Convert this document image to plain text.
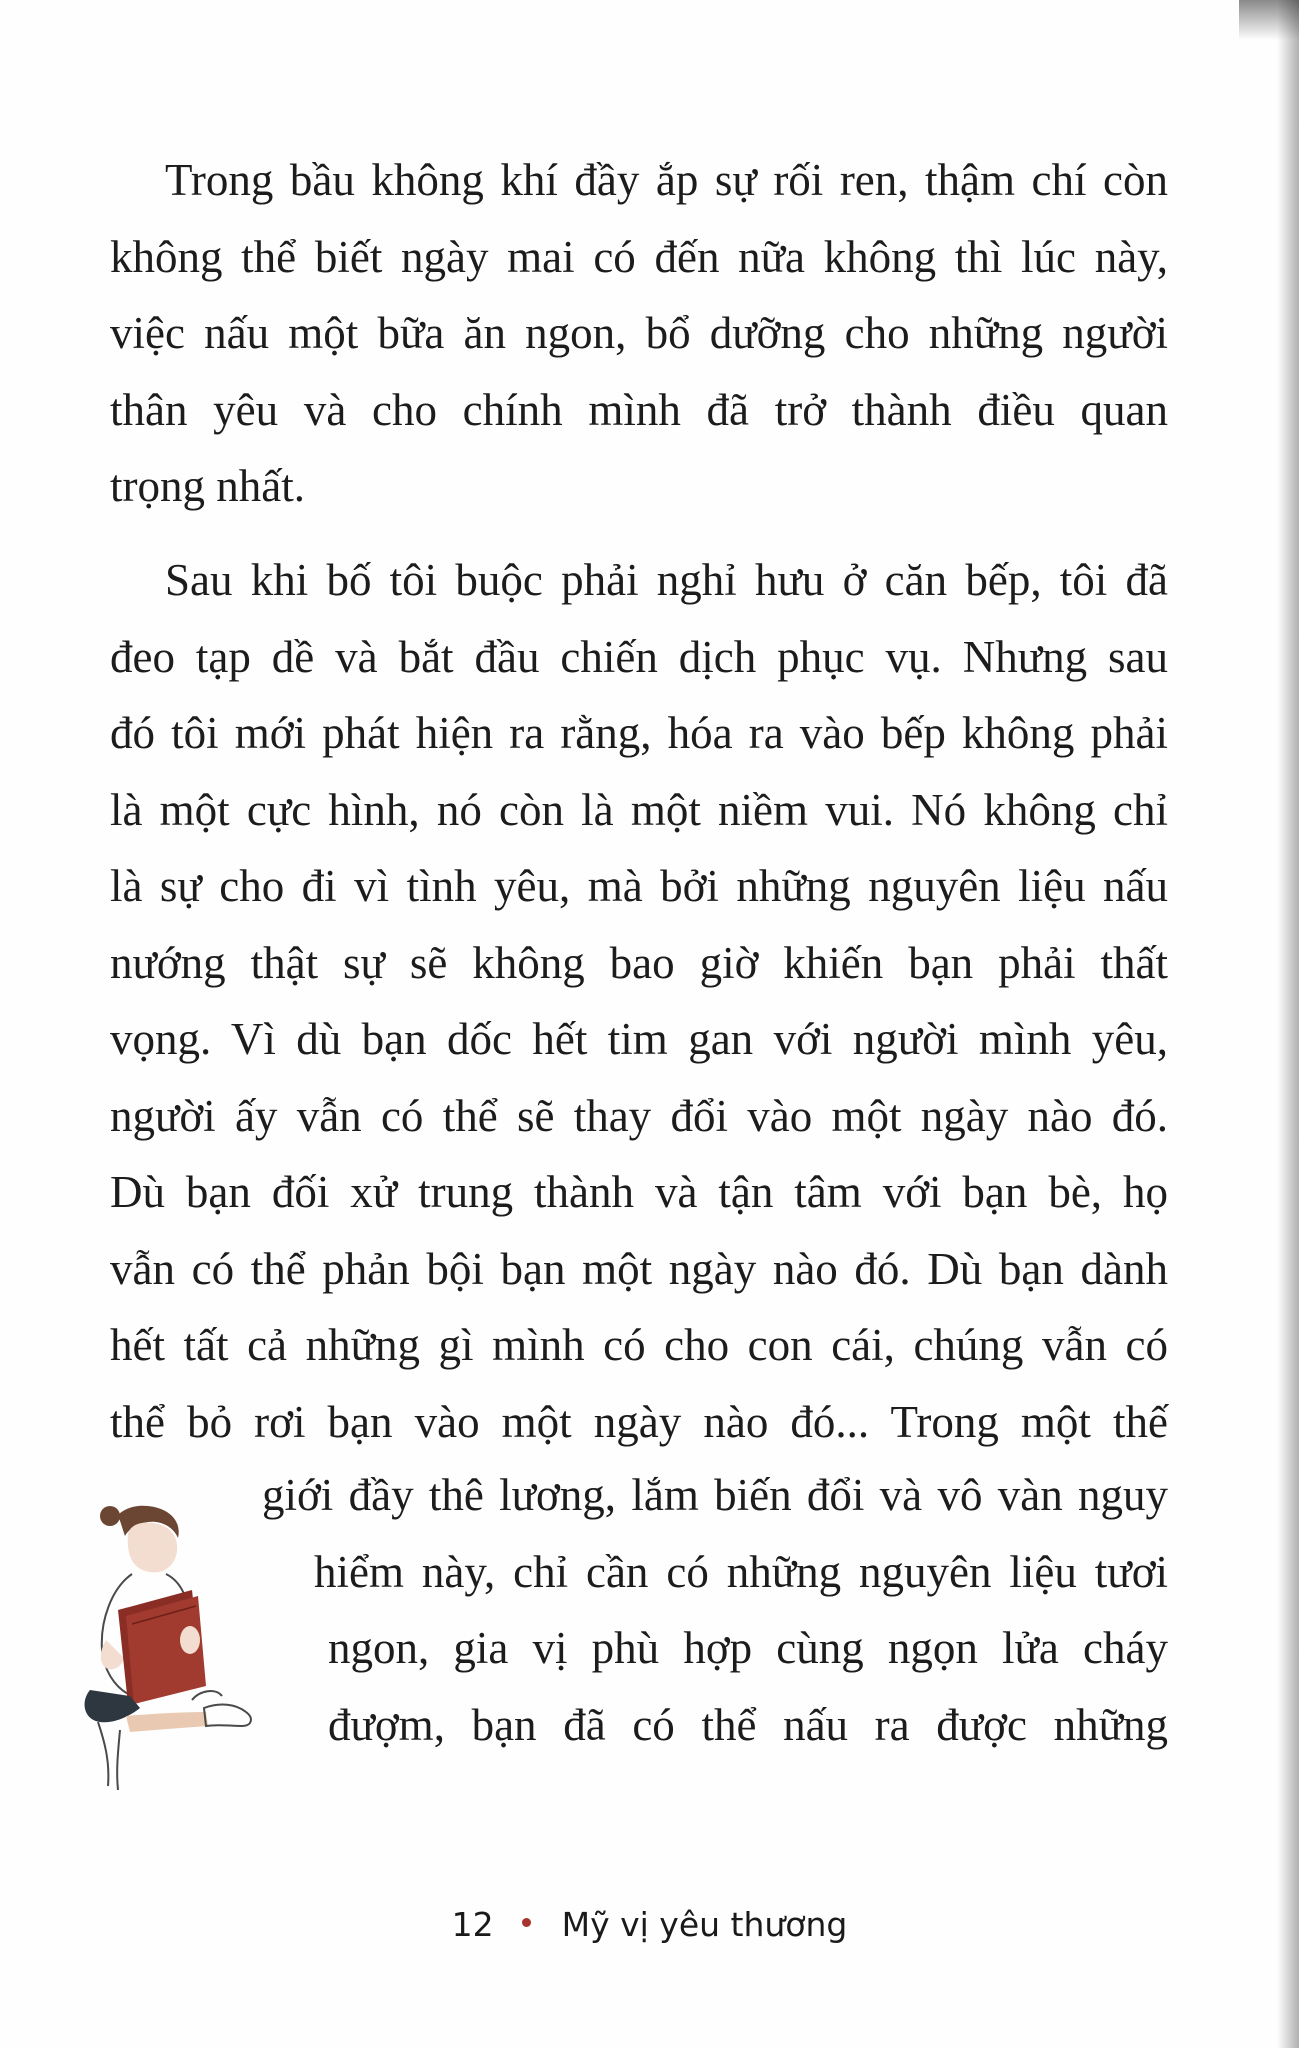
Trong bầu không khí đầy ắp sự rối ren, thậm chí còn
không thể biết ngày mai có đến nữa không thì lúc này,
việc nấu một bữa ăn ngon, bổ dưỡng cho những người
thân yêu và cho chính mình đã trở thành điều quan
trọng nhất.
Sau khi bố tôi buộc phải nghỉ hưu ở căn bếp, tôi đã
đeo tạp dề và bắt đầu chiến dịch phục vụ. Nhưng sau
đó tôi mới phát hiện ra rằng, hóa ra vào bếp không phải
là một cực hình, nó còn là một niềm vui. Nó không chỉ
là sự cho đi vì tình yêu, mà bởi những nguyên liệu nấu
nướng thật sự sẽ không bao giờ khiến bạn phải thất
vọng. Vì dù bạn dốc hết tim gan với người mình yêu,
người ấy vẫn có thể sẽ thay đổi vào một ngày nào đó.
Dù bạn đối xử trung thành và tận tâm với bạn bè, họ
vẫn có thể phản bội bạn một ngày nào đó. Dù bạn dành
hết tất cả những gì mình có cho con cái, chúng vẫn có
thể bỏ rơi bạn vào một ngày nào đó... Trong một thế
giới đầy thê lương, lắm biến đổi và vô vàn nguy
hiểm này, chỉ cần có những nguyên liệu tươi
ngon, gia vị phù hợp cùng ngọn lửa cháy
đượm, bạn đã có thể nấu ra được những
12 Mỹ vị yêu thương
